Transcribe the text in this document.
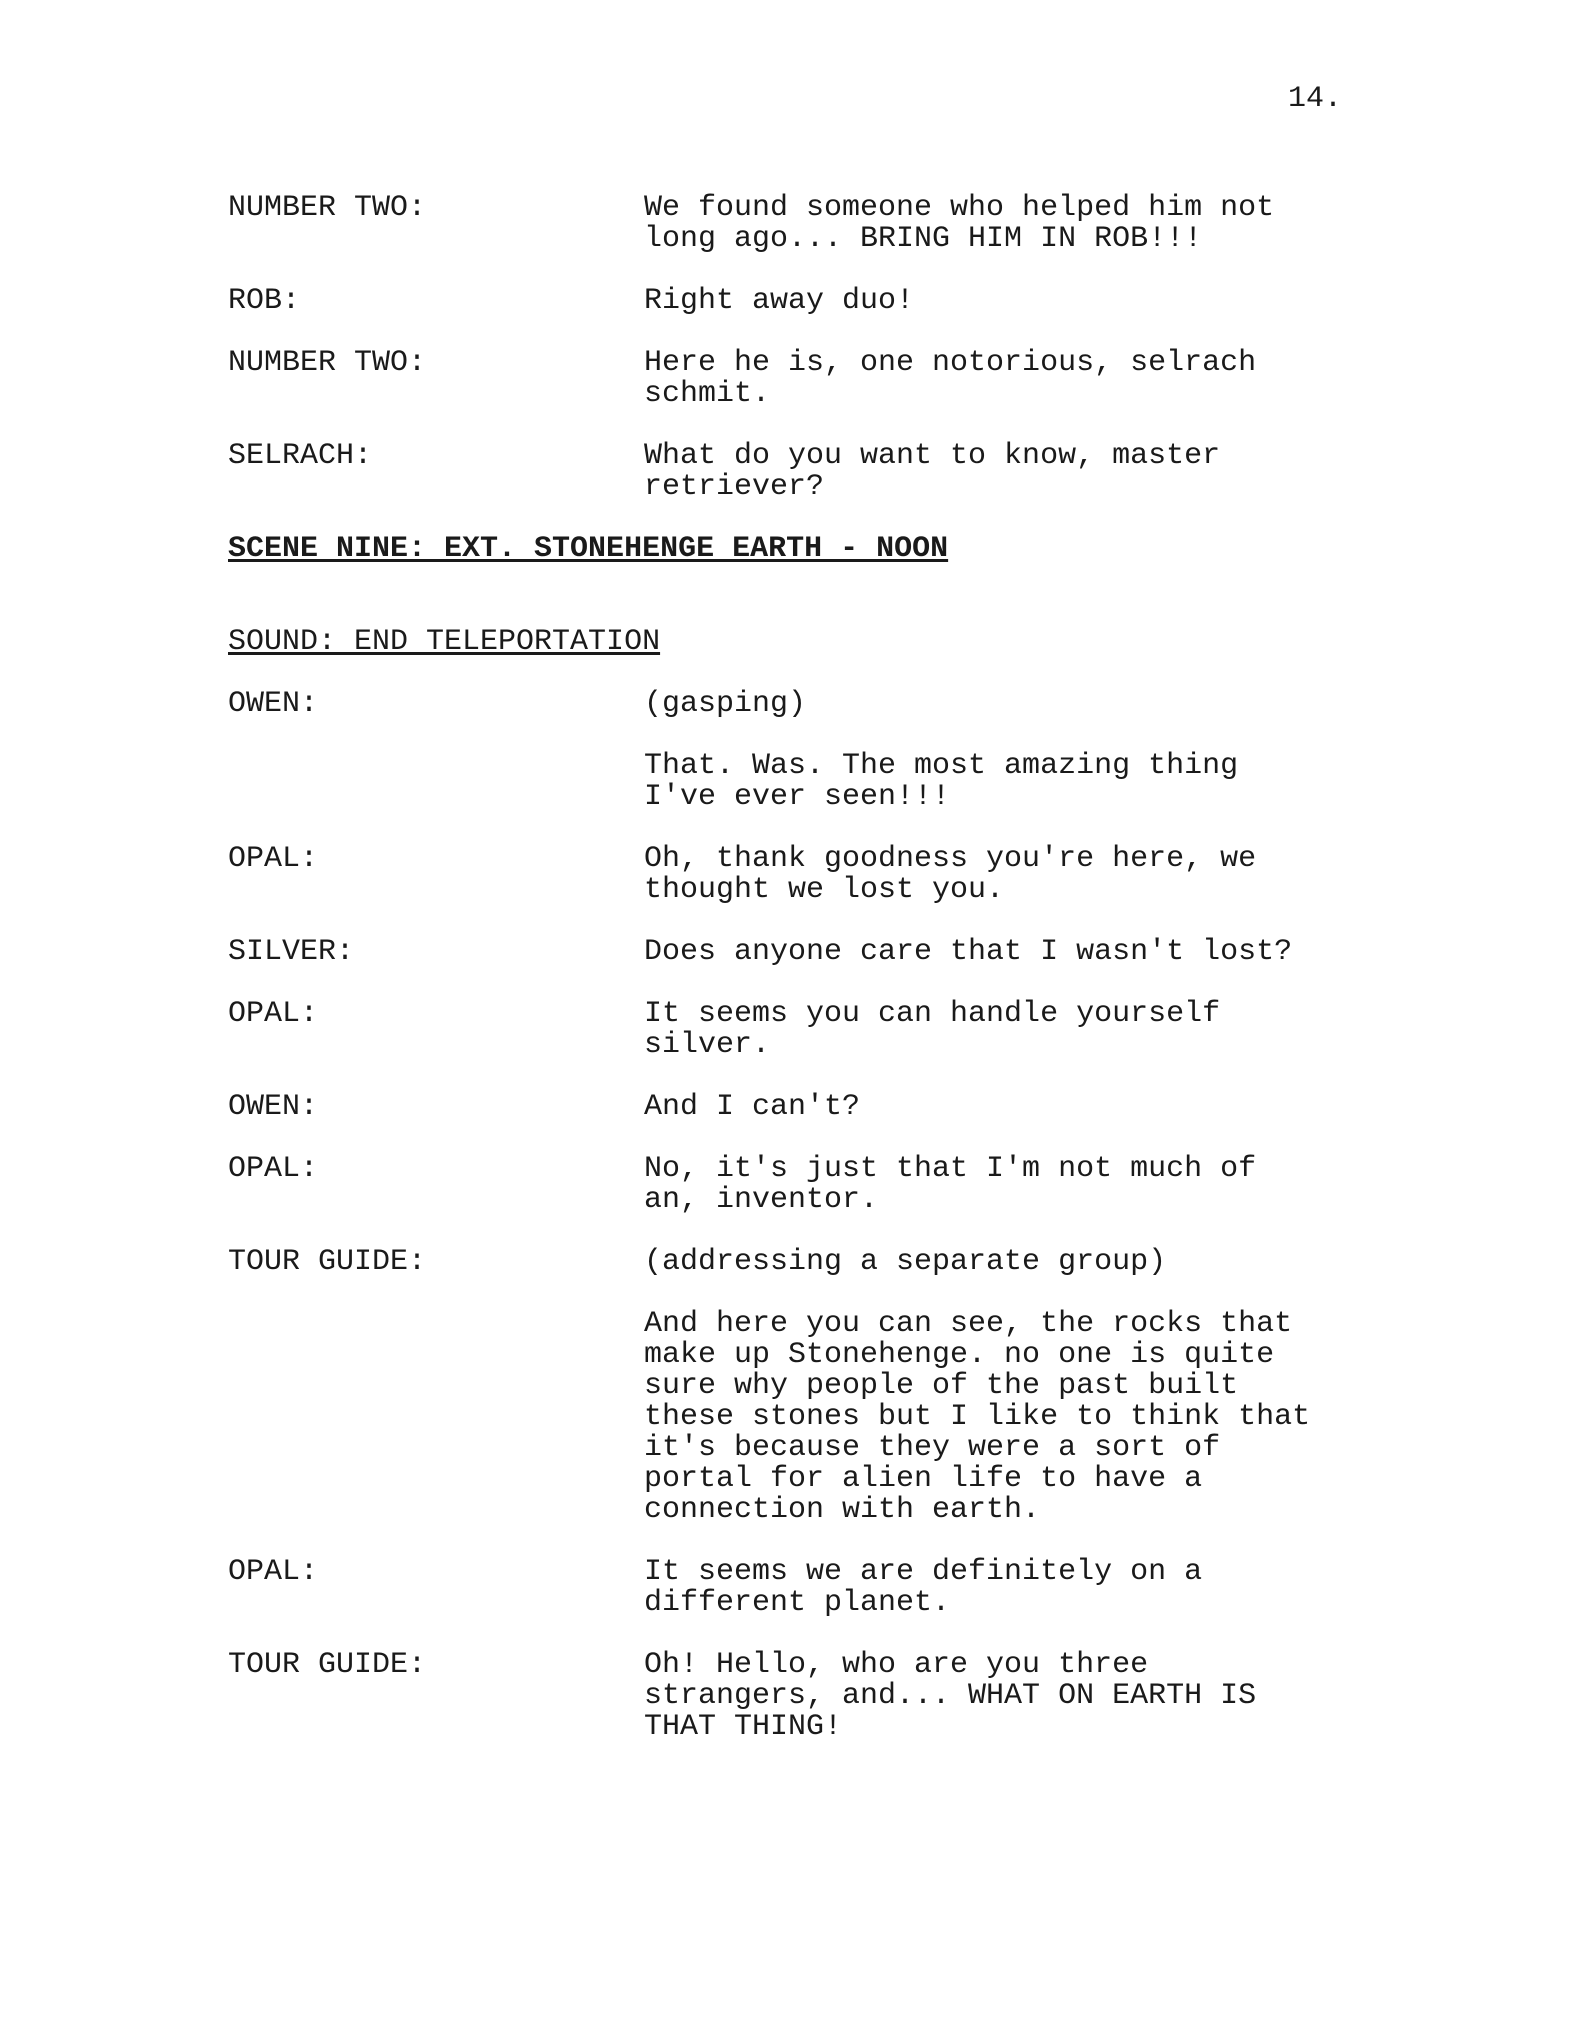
14.
NUMBER TWO:	We found someone who helped him not
long ago... BRING HIM IN ROB!!!
ROB:	Right away duo!
NUMBER TWO:	Here he is, one notorious, selrach
schmit.
SELRACH:	What do you want to know, master
retriever?
SCENE NINE: EXT. STONEHENGE EARTH - NOON
SOUND: END TELEPORTATION
OWEN:	(gasping)
That. Was. The most amazing thing
I've ever seen!!!
OPAL:	Oh, thank goodness you're here, we
thought we lost you.
SILVER:	Does anyone care that I wasn't lost?
OPAL:	It seems you can handle yourself
silver.
OWEN:	And I can't?
OPAL:	No, it's just that I'm not much of
an, inventor.
TOUR GUIDE:	(addressing a separate group)
And here you can see, the rocks that
make up Stonehenge. no one is quite
sure why people of the past built
these stones but I like to think that
it's because they were a sort of
portal for alien life to have a
connection with earth.
OPAL:	It seems we are definitely on a
different planet.
TOUR GUIDE:	Oh! Hello, who are you three
strangers, and... WHAT ON EARTH IS
THAT THING!
